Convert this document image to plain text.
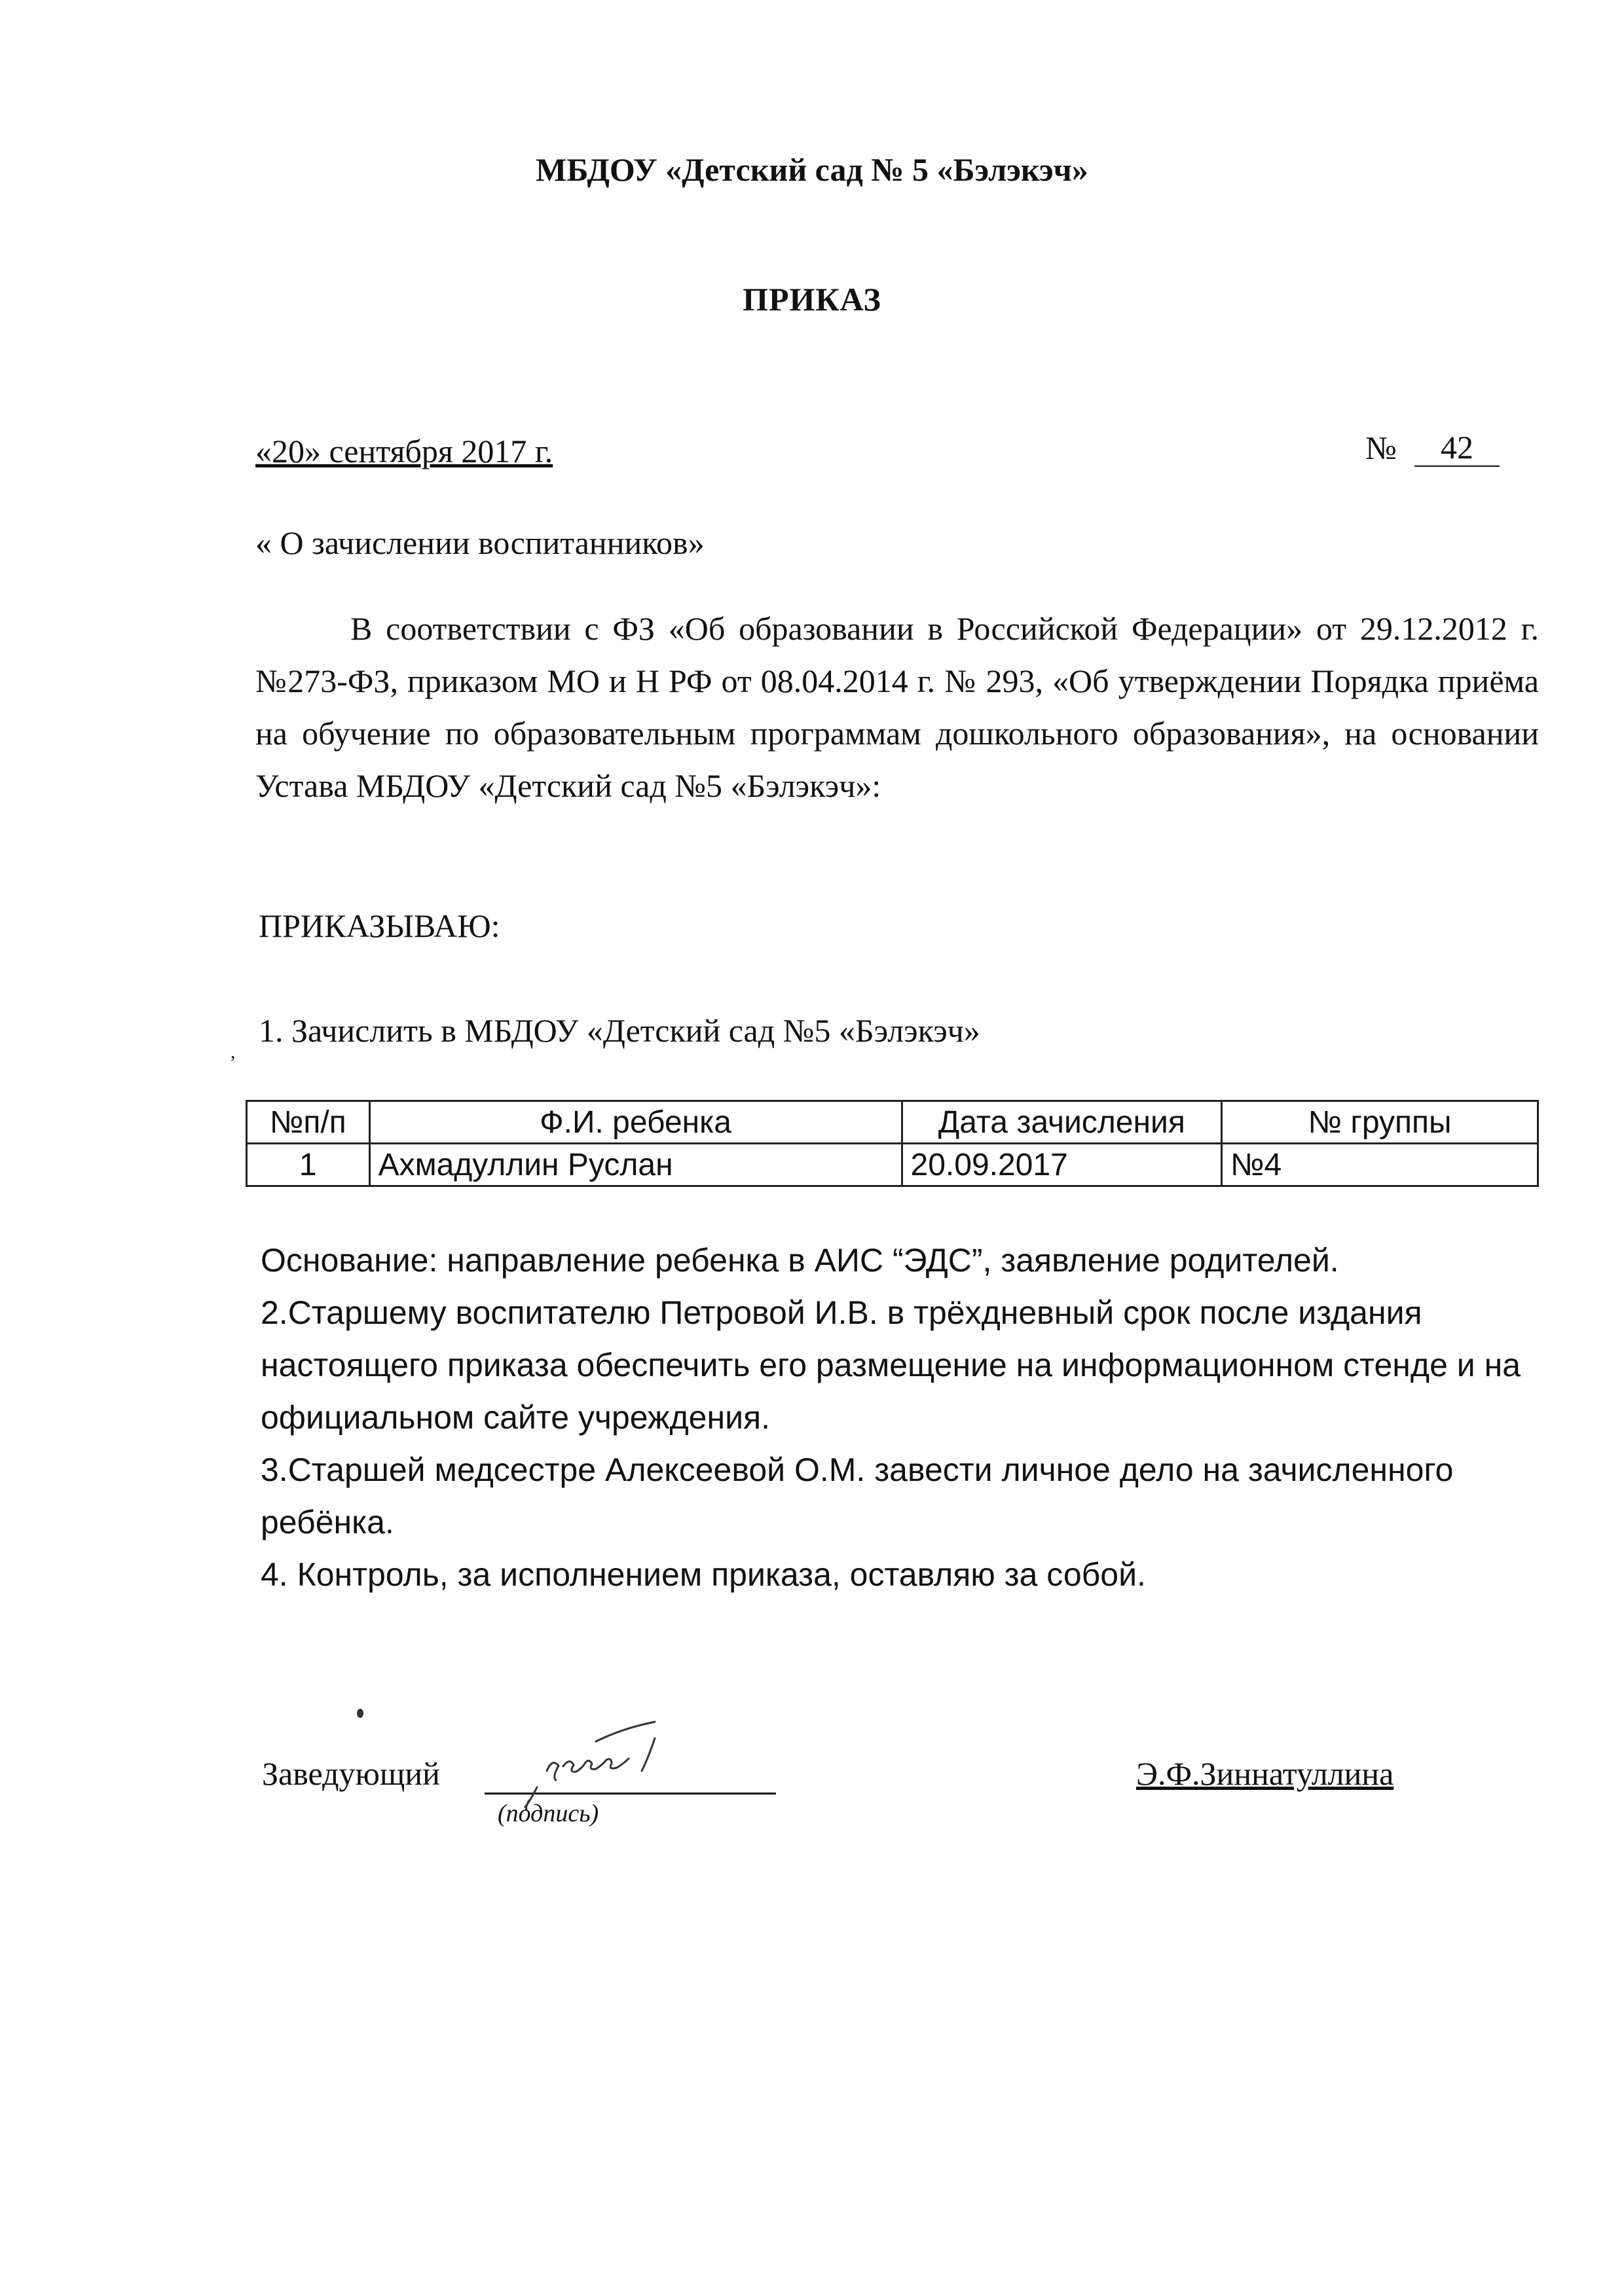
МБДОУ «Детский сад № 5 «Бэлэкэч»
ПРИКАЗ
«20» сентября 2017 г.	№	42
« О зачислении воспитанников»
В соответствии с ФЗ «Об образовании в Российской Федерации» от 29.12.2012 г. №273-ФЗ, приказом МО и Н РФ от 08.04.2014 г. № 293, «Об утверждении Порядка приёма на обучение по образовательным программам дошкольного образования», на основании Устава МБДОУ «Детский сад №5 «Бэлэкэч»:
ПРИКАЗЫВАЮ:
,
1. Зачислить в МБДОУ «Детский сад №5 «Бэлэкэч»
№п/п	Ф.И. ребенка	Дата зачисления	№ группы
1	Ахмадуллин Руслан	20.09.2017	№4

Основание: направление ребенка в АИС “ЭДС”, заявление родителей.

2.Старшему воспитателю Петровой И.В. в трёхдневный срок после издания настоящего приказа обеспечить его размещение на информационном стенде и на официальном сайте учреждения.

3.Старшей медсестре Алексеевой О.М. завести личное дело на зачисленного ребёнка.

4. Контроль, за исполнением приказа, оставляю за собой.

Заведующий
(подпись)
Э.Ф.Зиннатуллина
